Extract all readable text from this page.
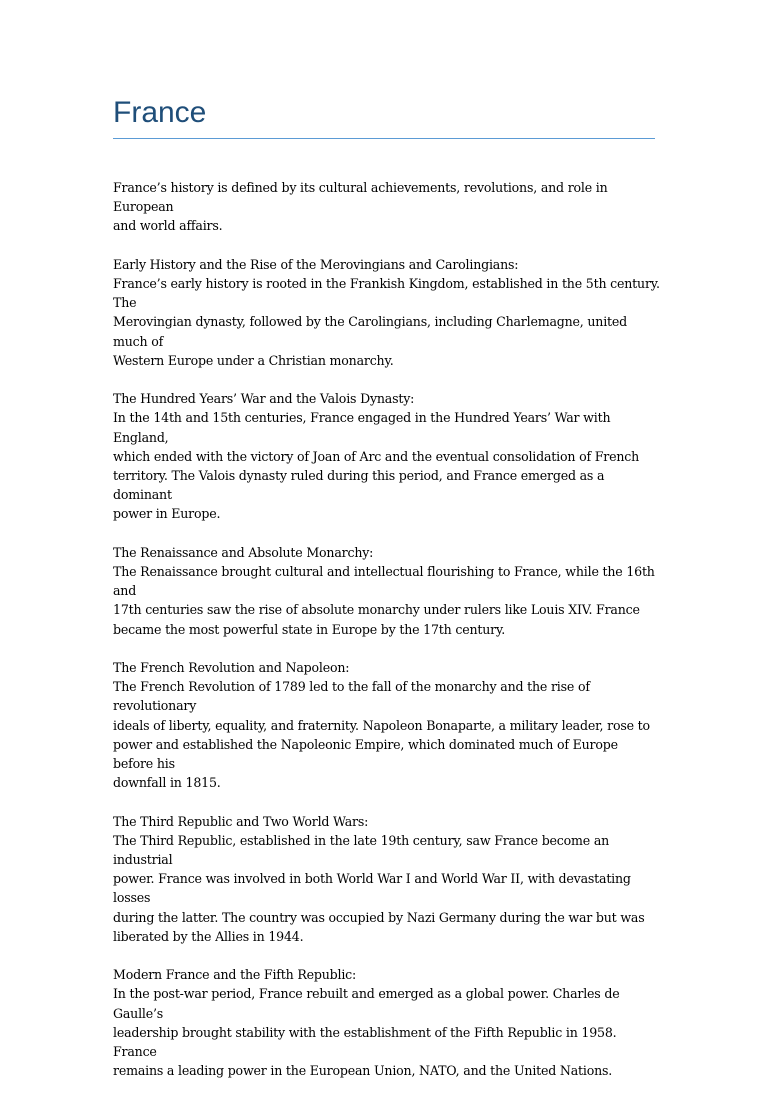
France

France’s history is defined by its cultural achievements, revolutions, and role in European
and world affairs.

Early History and the Rise of the Merovingians and Carolingians:

France’s early history is rooted in the Frankish Kingdom, established in the 5th century. The
Merovingian dynasty, followed by the Carolingians, including Charlemagne, united much of
Western Europe under a Christian monarchy.

The Hundred Years’ War and the Valois Dynasty:

In the 14th and 15th centuries, France engaged in the Hundred Years’ War with England,
which ended with the victory of Joan of Arc and the eventual consolidation of French
territory. The Valois dynasty ruled during this period, and France emerged as a dominant
power in Europe.

The Renaissance and Absolute Monarchy:

The Renaissance brought cultural and intellectual flourishing to France, while the 16th and
17th centuries saw the rise of absolute monarchy under rulers like Louis XIV. France
became the most powerful state in Europe by the 17th century.

The French Revolution and Napoleon:

The French Revolution of 1789 led to the fall of the monarchy and the rise of revolutionary
ideals of liberty, equality, and fraternity. Napoleon Bonaparte, a military leader, rose to
power and established the Napoleonic Empire, which dominated much of Europe before his
downfall in 1815.

The Third Republic and Two World Wars:

The Third Republic, established in the late 19th century, saw France become an industrial
power. France was involved in both World War I and World War II, with devastating losses
during the latter. The country was occupied by Nazi Germany during the war but was
liberated by the Allies in 1944.

Modern France and the Fifth Republic:

In the post-war period, France rebuilt and emerged as a global power. Charles de Gaulle’s
leadership brought stability with the establishment of the Fifth Republic in 1958. France
remains a leading power in the European Union, NATO, and the United Nations.
